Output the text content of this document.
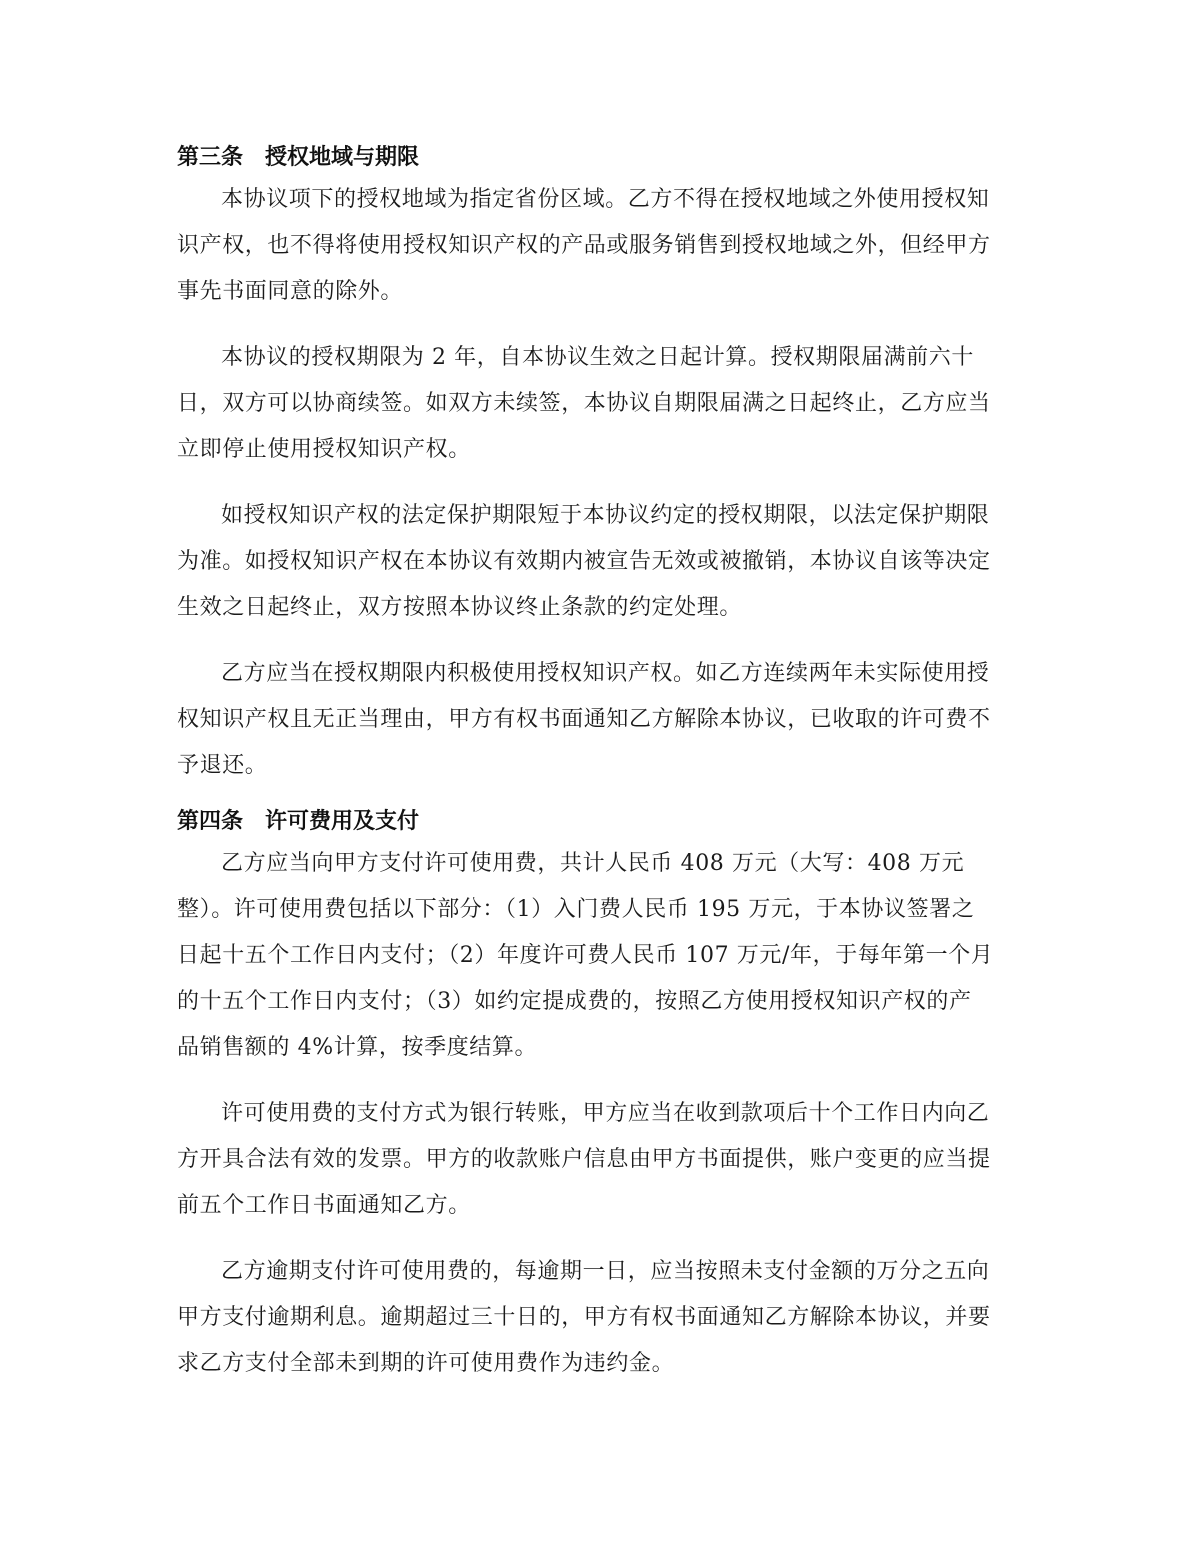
第三条 授权地域与期限
本协议项下的授权地域为指定省份区域。乙方不得在授权地域之外使用授权知
识产权，也不得将使用授权知识产权的产品或服务销售到授权地域之外，但经甲方
事先书面同意的除外。
本协议的授权期限为 2 年，自本协议生效之日起计算。授权期限届满前六十
日，双方可以协商续签。如双方未续签，本协议自期限届满之日起终止，乙方应当
立即停止使用授权知识产权。
如授权知识产权的法定保护期限短于本协议约定的授权期限，以法定保护期限
为准。如授权知识产权在本协议有效期内被宣告无效或被撤销，本协议自该等决定
生效之日起终止，双方按照本协议终止条款的约定处理。
乙方应当在授权期限内积极使用授权知识产权。如乙方连续两年未实际使用授
权知识产权且无正当理由，甲方有权书面通知乙方解除本协议，已收取的许可费不
予退还。
第四条 许可费用及支付
乙方应当向甲方支付许可使用费，共计人民币 408 万元（大写：408 万元
整）。许可使用费包括以下部分：（1）入门费人民币 195 万元，于本协议签署之
日起十五个工作日内支付；（2）年度许可费人民币 107 万元/年，于每年第一个月
的十五个工作日内支付；（3）如约定提成费的，按照乙方使用授权知识产权的产
品销售额的 4%计算，按季度结算。
许可使用费的支付方式为银行转账，甲方应当在收到款项后十个工作日内向乙
方开具合法有效的发票。甲方的收款账户信息由甲方书面提供，账户变更的应当提
前五个工作日书面通知乙方。
乙方逾期支付许可使用费的，每逾期一日，应当按照未支付金额的万分之五向
甲方支付逾期利息。逾期超过三十日的，甲方有权书面通知乙方解除本协议，并要
求乙方支付全部未到期的许可使用费作为违约金。
